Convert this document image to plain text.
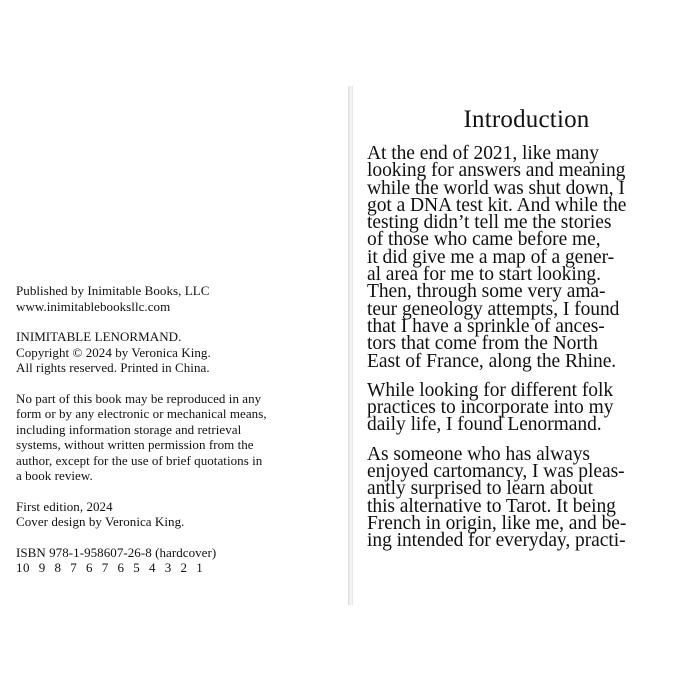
Published by Inimitable Books, LLC
www.inimitablebooksllc.com
INIMITABLE LENORMAND.
Copyright © 2024 by Veronica King.
All rights reserved. Printed in China.
No part of this book may be reproduced in any
form or by any electronic or mechanical means,
including information storage and retrieval
systems, without written permission from the
author, except for the use of brief quotations in
a book review.
First edition, 2024
Cover design by Veronica King.
ISBN 978-1-958607-26-8 (hardcover)
10 9 8 7 6 7 6 5 4 3 2 1
Introduction
At the end of 2021, like many
looking for answers and meaning
while the world was shut down, I
got a DNA test kit. And while the
testing didn’t tell me the stories
of those who came before me,
it did give me a map of a gener-
al area for me to start looking.
Then, through some very ama-
teur geneology attempts, I found
that I have a sprinkle of ances-
tors that come from the North
East of France, along the Rhine.
While looking for different folk
practices to incorporate into my
daily life, I found Lenormand.
As someone who has always
enjoyed cartomancy, I was pleas-
antly surprised to learn about
this alternative to Tarot. It being
French in origin, like me, and be-
ing intended for everyday, practi-
